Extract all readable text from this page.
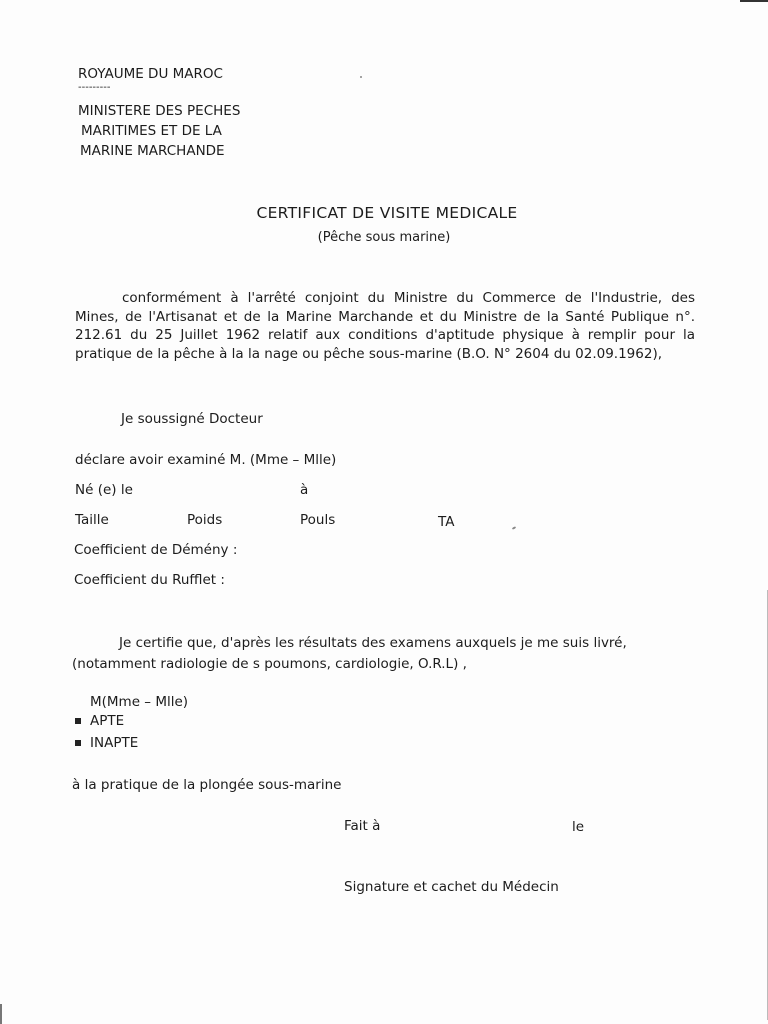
ROYAUME DU MAROC
---------
MINISTERE DES PECHES
MARITIMES ET DE LA
MARINE MARCHANDE
CERTIFICAT DE VISITE MEDICALE
(Pêche sous marine)
conformément à l'arrêté conjoint du Ministre du Commerce de l'Industrie, des Mines, de l'Artisanat et de la Marine Marchande et du Ministre de la Santé Publique n°. 212.61 du 25 Juillet 1962 relatif aux conditions d'aptitude physique à remplir pour la pratique de la pêche à la la nage ou pêche sous-marine (B.O. N° 2604 du 02.09.1962),
Je soussigné Docteur
déclare avoir examiné M. (Mme – Mlle)
Né (e) le	à
Taille	Poids	Pouls	TA
Coefficient de Démény :
Coefficient du Rufflet :
Je certifie que, d'après les résultats des examens auxquels je me suis livré, (notamment radiologie de s poumons, cardiologie, O.R.L) ,
M(Mme – Mlle)
APTE
INAPTE
à la pratique de la plongée sous-marine
Fait à	le
Signature et cachet du Médecin
